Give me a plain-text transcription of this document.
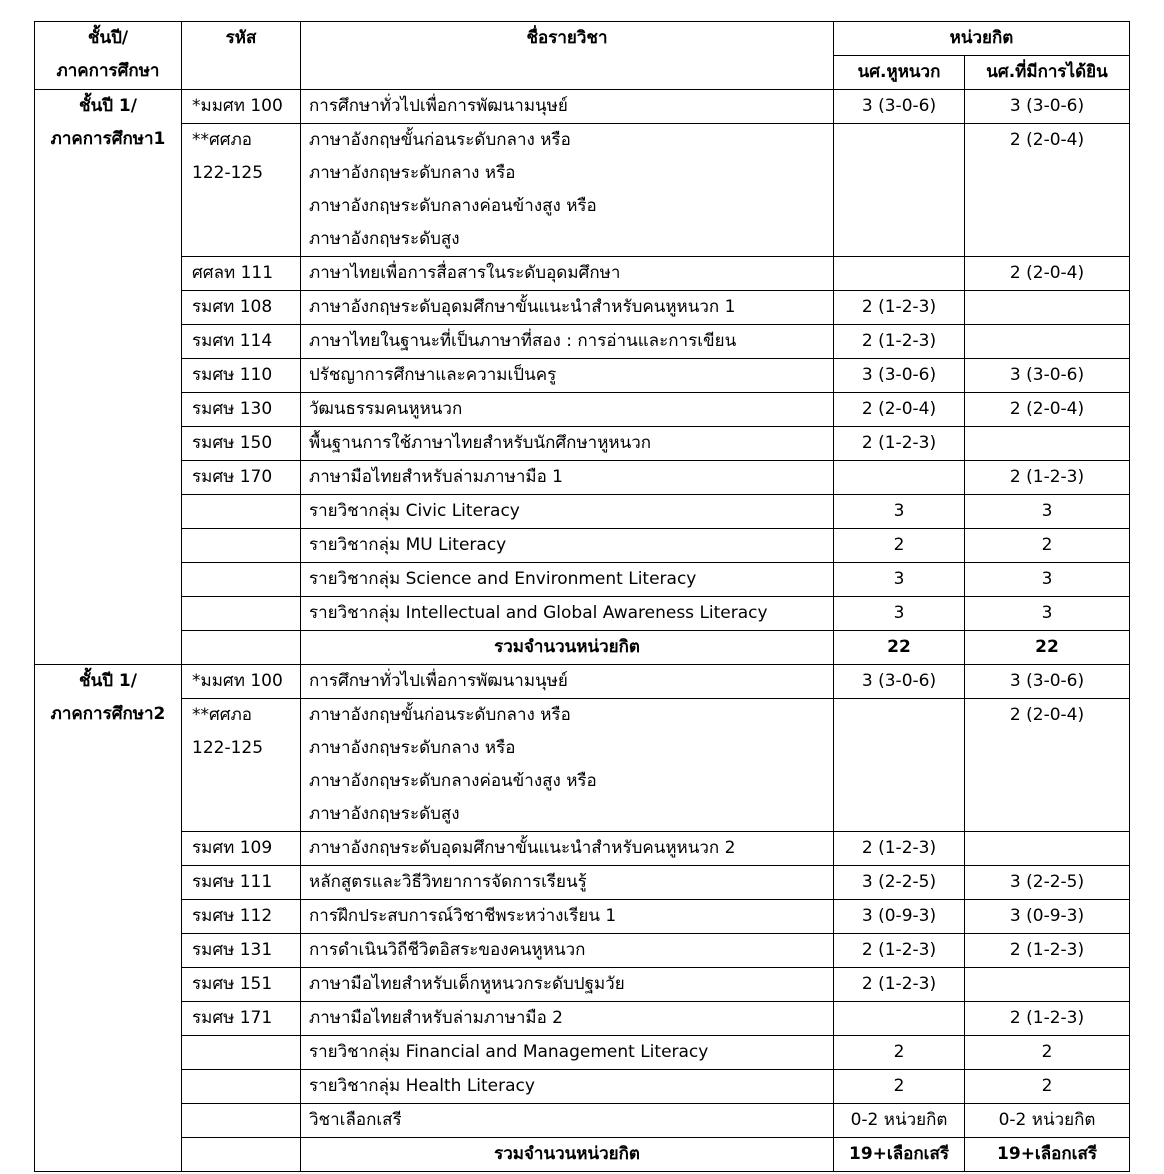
ชั้นปี/
ภาคการศึกษา	รหัส	ชื่อรายวิชา	หน่วยกิต	

			นศ.หูหนวก	นศ.ที่มีการได้ยิน

ชั้นปี 1/
ภาคการศึกษา1	*มมศท 100	การศึกษาทั่วไปเพื่อการพัฒนามนุษย์	3 (3-0-6)	3 (3-0-6)

	**ศศภอ
122-125	ภาษาอังกฤษขั้นก่อนระดับกลาง หรือ
ภาษาอังกฤษระดับกลาง หรือ
ภาษาอังกฤษระดับกลางค่อนข้างสูง หรือ
ภาษาอังกฤษระดับสูง		2 (2-0-4)

	ศศลท 111	ภาษาไทยเพื่อการสื่อสารในระดับอุดมศึกษา		2 (2-0-4)

	รมศท 108	ภาษาอังกฤษระดับอุดมศึกษาขั้นแนะนำสำหรับคนหูหนวก 1	2 (1-2-3)	

	รมศท 114	ภาษาไทยในฐานะที่เป็นภาษาที่สอง : การอ่านและการเขียน	2 (1-2-3)	

	รมศษ 110	ปรัชญาการศึกษาและความเป็นครู	3 (3-0-6)	3 (3-0-6)

	รมศษ 130	วัฒนธรรมคนหูหนวก	2 (2-0-4)	2 (2-0-4)

	รมศษ 150	พื้นฐานการใช้ภาษาไทยสำหรับนักศึกษาหูหนวก	2 (1-2-3)	

	รมศษ 170	ภาษามือไทยสำหรับล่ามภาษามือ 1		2 (1-2-3)

		รายวิชากลุ่ม Civic Literacy	3	3

		รายวิชากลุ่ม MU Literacy	2	2

		รายวิชากลุ่ม Science and Environment Literacy	3	3

		รายวิชากลุ่ม Intellectual and Global Awareness Literacy	3	3

		รวมจำนวนหน่วยกิต	22	22

ชั้นปี 1/
ภาคการศึกษา2	*มมศท 100	การศึกษาทั่วไปเพื่อการพัฒนามนุษย์	3 (3-0-6)	3 (3-0-6)

	**ศศภอ
122-125	ภาษาอังกฤษขั้นก่อนระดับกลาง หรือ
ภาษาอังกฤษระดับกลาง หรือ
ภาษาอังกฤษระดับกลางค่อนข้างสูง หรือ
ภาษาอังกฤษระดับสูง		2 (2-0-4)

	รมศท 109	ภาษาอังกฤษระดับอุดมศึกษาขั้นแนะนำสำหรับคนหูหนวก 2	2 (1-2-3)	

	รมศษ 111	หลักสูตรและวิธีวิทยาการจัดการเรียนรู้	3 (2-2-5)	3 (2-2-5)

	รมศษ 112	การฝึกประสบการณ์วิชาชีพระหว่างเรียน 1	3 (0-9-3)	3 (0-9-3)

	รมศษ 131	การดำเนินวิถีชีวิตอิสระของคนหูหนวก	2 (1-2-3)	2 (1-2-3)

	รมศษ 151	ภาษามือไทยสำหรับเด็กหูหนวกระดับปฐมวัย	2 (1-2-3)	

	รมศษ 171	ภาษามือไทยสำหรับล่ามภาษามือ 2		2 (1-2-3)

		รายวิชากลุ่ม Financial and Management Literacy	2	2

		รายวิชากลุ่ม Health Literacy	2	2

		วิชาเลือกเสรี	0-2 หน่วยกิต	0-2 หน่วยกิต

		รวมจำนวนหน่วยกิต	19+เลือกเสรี	19+เลือกเสรี
